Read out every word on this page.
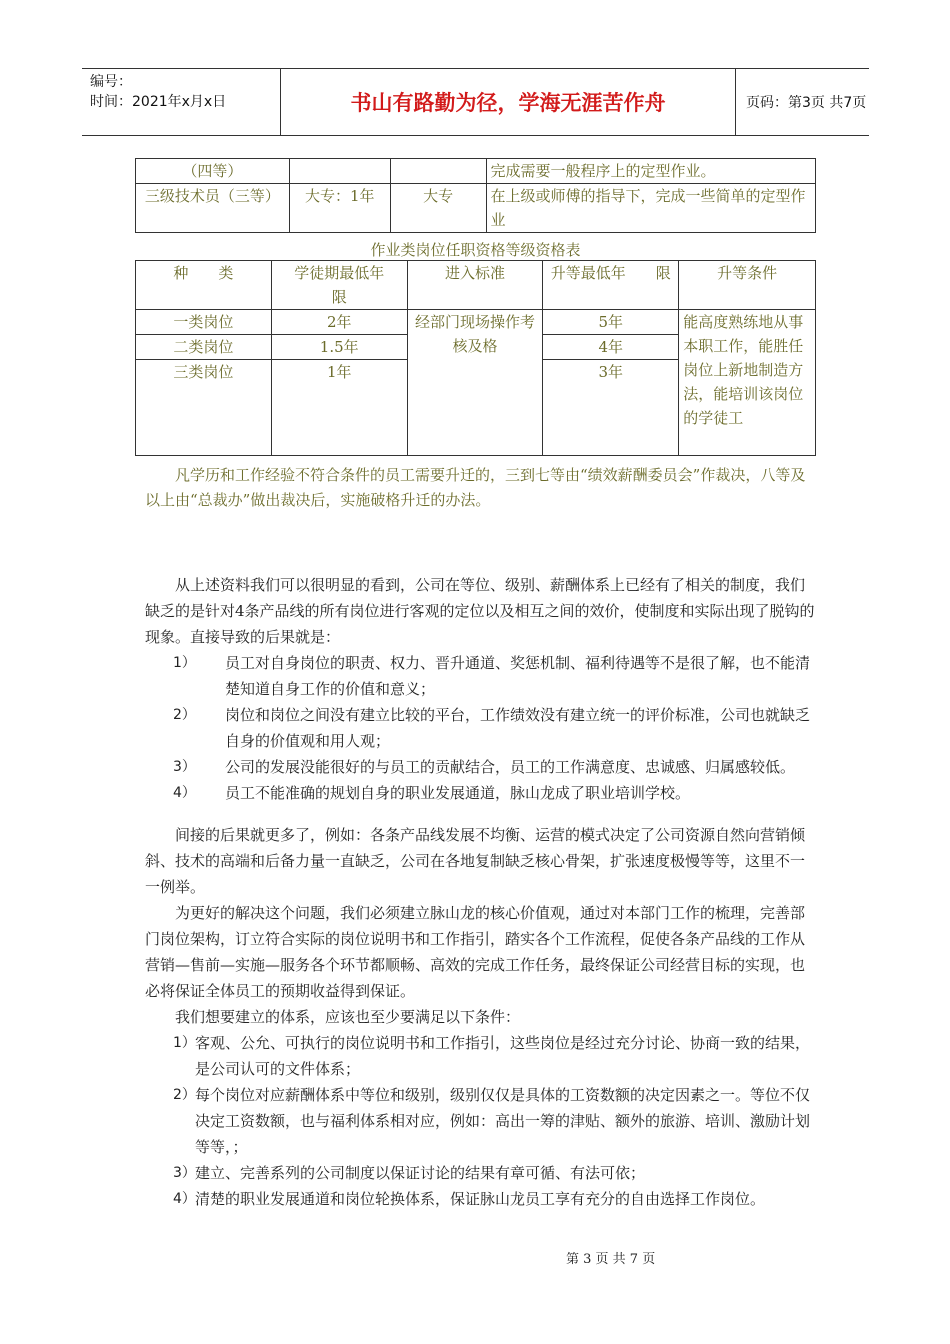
编号：
时间：2021年x月x日	书山有路勤为径，学海无涯苦作舟	页码：第3页 共7页
（四等）			完成需要一般程序上的定型作业。
三级技术员（三等）	大专：1年	大专	在上级或师傅的指导下，完成一些简单的定型作业
作业类岗位任职资格等级资格表
种　　类	学徒期最低年　　限	进入标准	升等最低年　　限	升等条件
一类岗位	2年	经部门现场操作考核及格	5年	能高度熟练地从事本职工作，能胜任岗位上新地制造方法，能培训该岗位的学徒工
二类岗位	1.5年		4年	
三类岗位	1年		3年	
凡学历和工作经验不符合条件的员工需要升迁的，三到七等由“绩效薪酬委员会”作裁决，八等及以上由“总裁办”做出裁决后，实施破格升迁的办法。
从上述资料我们可以很明显的看到，公司在等位、级别、薪酬体系上已经有了相关的制度，我们缺乏的是针对4条产品线的所有岗位进行客观的定位以及相互之间的效价，使制度和实际出现了脱钩的现象。直接导致的后果就是：
1） 员工对自身岗位的职责、权力、晋升通道、奖惩机制、福利待遇等不是很了解，也不能清楚知道自身工作的价值和意义；
2） 岗位和岗位之间没有建立比较的平台，工作绩效没有建立统一的评价标准，公司也就缺乏自身的价值观和用人观；
3） 公司的发展没能很好的与员工的贡献结合，员工的工作满意度、忠诚感、归属感较低。
4） 员工不能准确的规划自身的职业发展通道，脉山龙成了职业培训学校。
间接的后果就更多了，例如：各条产品线发展不均衡、运营的模式决定了公司资源自然向营销倾斜、技术的高端和后备力量一直缺乏，公司在各地复制缺乏核心骨架，扩张速度极慢等等，这里不一一例举。
为更好的解决这个问题，我们必须建立脉山龙的核心价值观，通过对本部门工作的梳理，完善部门岗位架构，订立符合实际的岗位说明书和工作指引，踏实各个工作流程，促使各条产品线的工作从营销—售前—实施—服务各个环节都顺畅、高效的完成工作任务，最终保证公司经营目标的实现，也必将保证全体员工的预期收益得到保证。
我们想要建立的体系，应该也至少要满足以下条件：
1） 客观、公允、可执行的岗位说明书和工作指引，这些岗位是经过充分讨论、协商一致的结果，是公司认可的文件体系；
2） 每个岗位对应薪酬体系中等位和级别，级别仅仅是具体的工资数额的决定因素之一。等位不仅决定工资数额，也与福利体系相对应，例如：高出一筹的津贴、额外的旅游、培训、激励计划等等，；
3） 建立、完善系列的公司制度以保证讨论的结果有章可循、有法可依；
4） 清楚的职业发展通道和岗位轮换体系，保证脉山龙员工享有充分的自由选择工作岗位。
第 3 页 共 7 页
